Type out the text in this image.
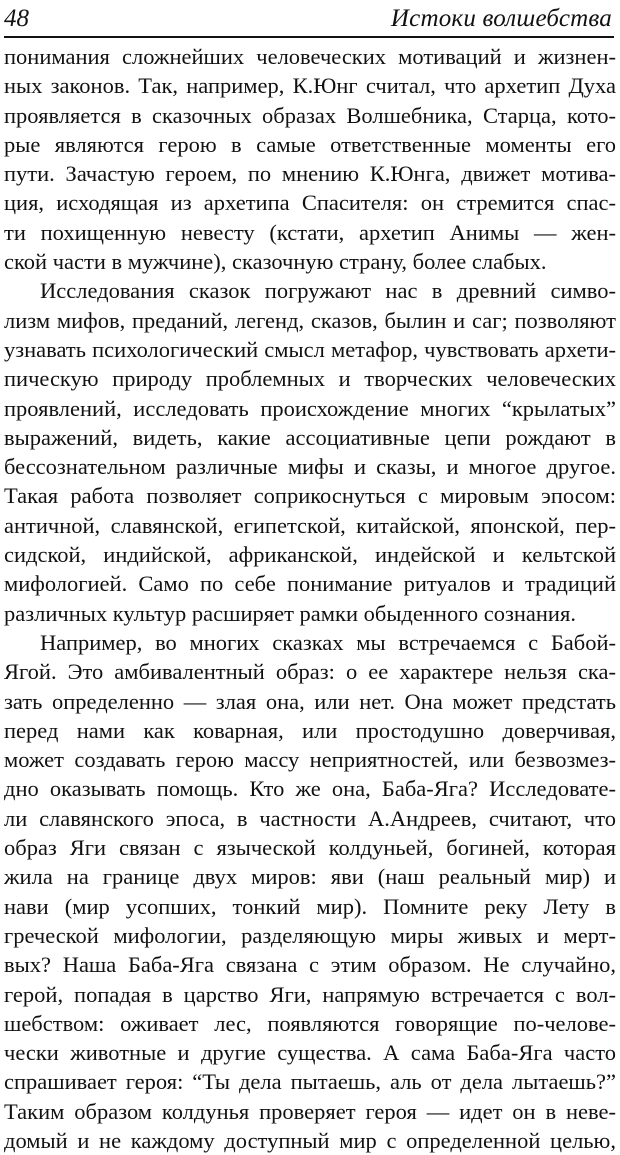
48	Истоки волшебства
понимания сложнейших человеческих мотиваций и жизнен-
ных законов. Так, например, К.Юнг считал, что архетип Духа
проявляется в сказочных образах Волшебника, Старца, кото-
рые являются герою в самые ответственные моменты его
пути. Зачастую героем, по мнению К.Юнга, движет мотива-
ция, исходящая из архетипа Спасителя: он стремится спас-
ти похищенную невесту (кстати, архетип Анимы — жен-
ской части в мужчине), сказочную страну, более слабых.
Исследования сказок погружают нас в древний симво-
лизм мифов, преданий, легенд, сказов, былин и саг; позволяют
узнавать психологический смысл метафор, чувствовать архети-
пическую природу проблемных и творческих человеческих
проявлений, исследовать происхождение многих “крылатых”
выражений, видеть, какие ассоциативные цепи рождают в
бессознательном различные мифы и сказы, и многое другое.
Такая работа позволяет соприкоснуться с мировым эпосом:
античной, славянской, египетской, китайской, японской, пер-
сидской, индийской, африканской, индейской и кельтской
мифологией. Само по себе понимание ритуалов и традиций
различных культур расширяет рамки обыденного сознания.
Например, во многих сказках мы встречаемся с Бабой-
Ягой. Это амбивалентный образ: о ее характере нельзя ска-
зать определенно — злая она, или нет. Она может предстать
перед нами как коварная, или простодушно доверчивая,
может создавать герою массу неприятностей, или безвозмез-
дно оказывать помощь. Кто же она, Баба-Яга? Исследовате-
ли славянского эпоса, в частности А.Андреев, считают, что
образ Яги связан с языческой колдуньей, богиней, которая
жила на границе двух миров: яви (наш реальный мир) и
нави (мир усопших, тонкий мир). Помните реку Лету в
греческой мифологии, разделяющую миры живых и мерт-
вых? Наша Баба-Яга связана с этим образом. Не случайно,
герой, попадая в царство Яги, напрямую встречается с вол-
шебством: оживает лес, появляются говорящие по-челове-
чески животные и другие существа. А сама Баба-Яга часто
спрашивает героя: “Ты дела пытаешь, аль от дела лытаешь?”
Таким образом колдунья проверяет героя — идет он в неве-
домый и не каждому доступный мир с определенной целью,
